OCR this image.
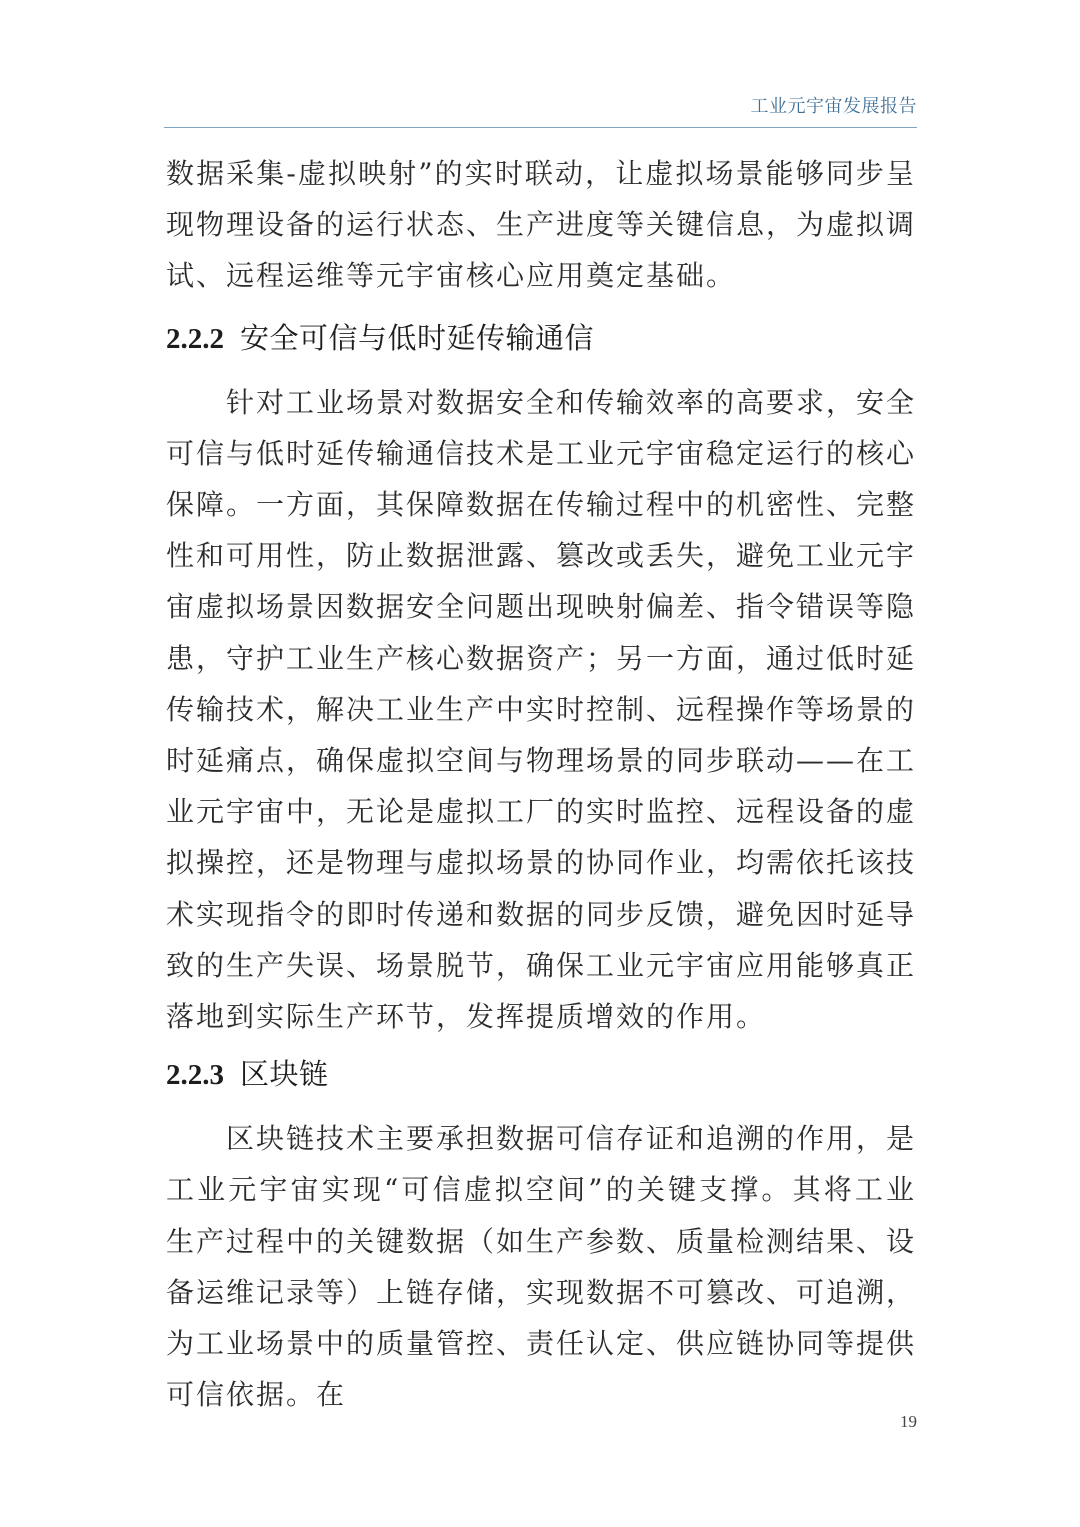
工业元宇宙发展报告

数据采集-虚拟映射”的实时联动，让虚拟场景能够同步呈现物理设备的运行状态、生产进度等关键信息，为虚拟调试、远程运维等元宇宙核心应用奠定基础。

2.2.2 安全可信与低时延传输通信

针对工业场景对数据安全和传输效率的高要求，安全可信与低时延传输通信技术是工业元宇宙稳定运行的核心保障。一方面，其保障数据在传输过程中的机密性、完整性和可用性，防止数据泄露、篡改或丢失，避免工业元宇宙虚拟场景因数据安全问题出现映射偏差、指令错误等隐患，守护工业生产核心数据资产；另一方面，通过低时延传输技术，解决工业生产中实时控制、远程操作等场景的时延痛点，确保虚拟空间与物理场景的同步联动——在工业元宇宙中，无论是虚拟工厂的实时监控、远程设备的虚拟操控，还是物理与虚拟场景的协同作业，均需依托该技术实现指令的即时传递和数据的同步反馈，避免因时延导致的生产失误、场景脱节，确保工业元宇宙应用能够真正落地到实际生产环节，发挥提质增效的作用。

2.2.3 区块链

区块链技术主要承担数据可信存证和追溯的作用，是工业元宇宙实现“可信虚拟空间”的关键支撑。其将工业生产过程中的关键数据（如生产参数、质量检测结果、设备运维记录等）上链存储，实现数据不可篡改、可追溯，为工业场景中的质量管控、责任认定、供应链协同等提供可信依据。在

19
